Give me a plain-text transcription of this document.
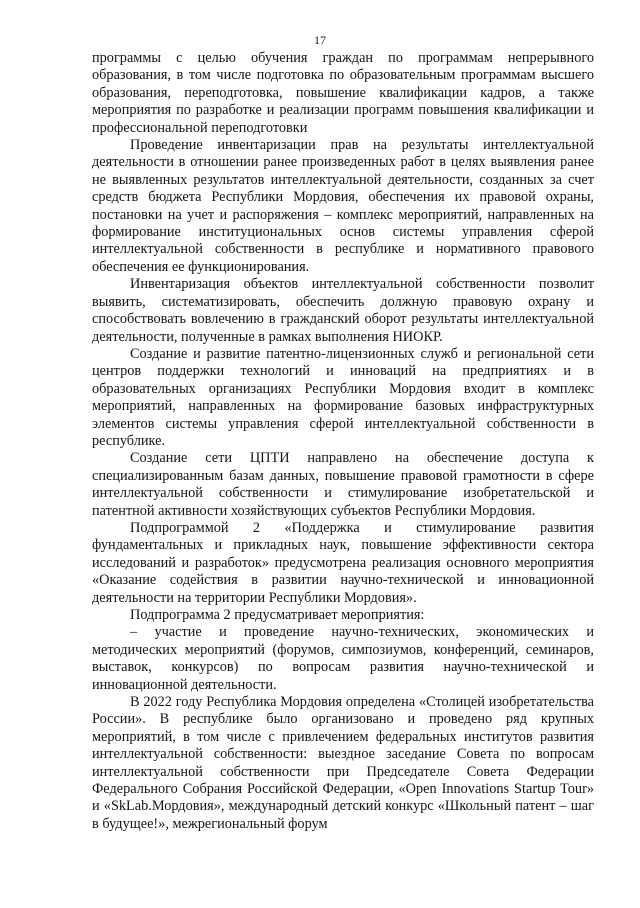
17

программы с целью обучения граждан по программам непрерывного образования, в том числе подготовка по образовательным программам высшего образования, переподготовка, повышение квалификации кадров, а также мероприятия по разработке и реализации программ повышения квалификации и профессиональной переподготовки

Проведение инвентаризации прав на результаты интеллектуальной деятельности в отношении ранее произведенных работ в целях выявления ранее не выявленных результатов интеллектуальной деятельности, созданных за счет средств бюджета Республики Мордовия, обеспечения их правовой охраны, постановки на учет и распоряжения – комплекс мероприятий, направленных на формирование институциональных основ системы управления сферой интеллектуальной собственности в республике и нормативного правового обеспечения ее функционирования.

Инвентаризация объектов интеллектуальной собственности позволит выявить, систематизировать, обеспечить должную правовую охрану и способствовать вовлечению в гражданский оборот результаты интеллектуальной деятельности, полученные в рамках выполнения НИОКР.

Создание и развитие патентно-лицензионных служб и региональной сети центров поддержки технологий и инноваций на предприятиях и в образовательных организациях Республики Мордовия входит в комплекс мероприятий, направленных на формирование базовых инфраструктурных элементов системы управления сферой интеллектуальной собственности в республике.

Создание сети ЦПТИ направлено на обеспечение доступа к специализированным базам данных, повышение правовой грамотности в сфере интеллектуальной собственности и стимулирование изобретательской и патентной активности хозяйствующих субъектов Республики Мордовия.

Подпрограммой 2 «Поддержка и стимулирование развития фундаментальных и прикладных наук, повышение эффективности сектора исследований и разработок» предусмотрена реализация основного мероприятия «Оказание содействия в развитии научно-технической и инновационной деятельности на территории Республики Мордовия».

Подпрограмма 2 предусматривает мероприятия:

– участие и проведение научно-технических, экономических и методических мероприятий (форумов, симпозиумов, конференций, семинаров, выставок, конкурсов) по вопросам развития научно-технической и инновационной деятельности.

В 2022 году Республика Мордовия определена «Столицей изобретательства России». В республике было организовано и проведено ряд крупных мероприятий, в том числе с привлечением федеральных институтов развития интеллектуальной собственности: выездное заседание Совета по вопросам интеллектуальной собственности при Председателе Совета Федерации Федерального Собрания Российской Федерации, «Open Innovations Startup Tour» и «SkLab.Мордовия», международный детский конкурс «Школьный патент – шаг в будущее!», межрегиональный форум
